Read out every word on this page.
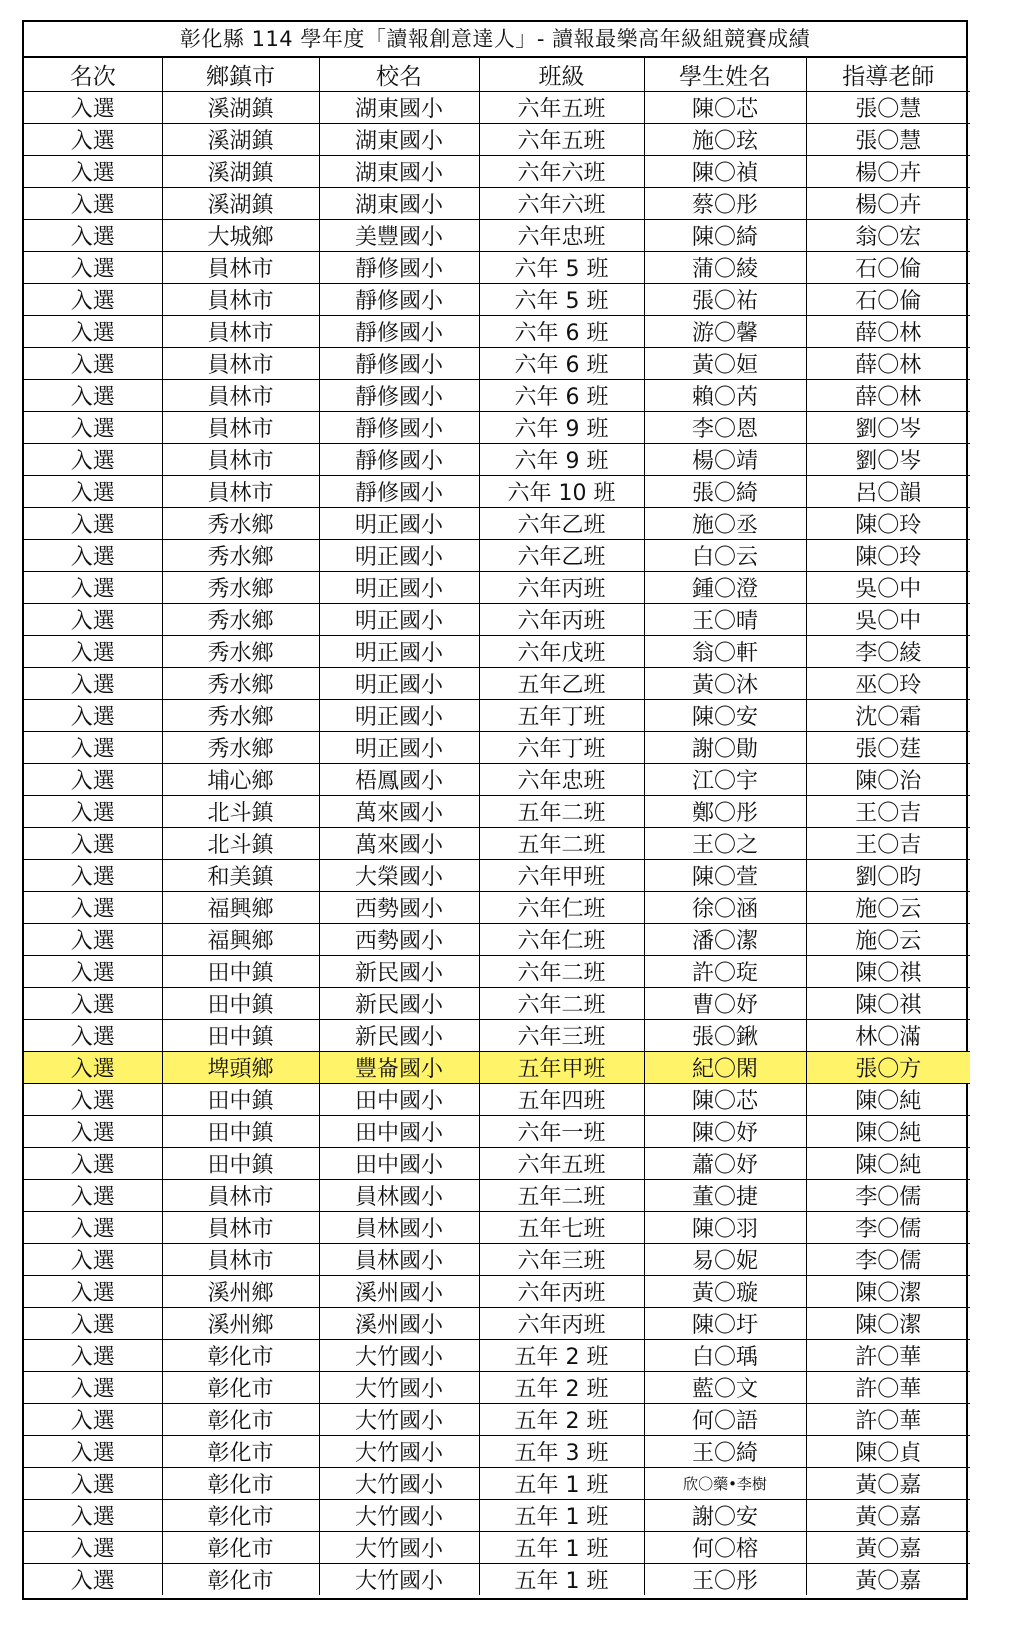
彰化縣 114 學年度「讀報創意達人」- 讀報最樂高年級組競賽成績
名次	鄉鎮市	校名	班級	學生姓名	指導老師
入選	溪湖鎮	湖東國小	六年五班	陳〇芯	張〇慧
入選	溪湖鎮	湖東國小	六年五班	施〇玹	張〇慧
入選	溪湖鎮	湖東國小	六年六班	陳〇禎	楊〇卉
入選	溪湖鎮	湖東國小	六年六班	蔡〇彤	楊〇卉
入選	大城鄉	美豐國小	六年忠班	陳〇綺	翁〇宏
入選	員林市	靜修國小	六年 5 班	蒲〇綾	石〇倫
入選	員林市	靜修國小	六年 5 班	張〇祐	石〇倫
入選	員林市	靜修國小	六年 6 班	游〇馨	薛〇林
入選	員林市	靜修國小	六年 6 班	黃〇姮	薛〇林
入選	員林市	靜修國小	六年 6 班	賴〇芮	薛〇林
入選	員林市	靜修國小	六年 9 班	李〇恩	劉〇岑
入選	員林市	靜修國小	六年 9 班	楊〇靖	劉〇岑
入選	員林市	靜修國小	六年 10 班	張〇綺	呂〇韻
入選	秀水鄉	明正國小	六年乙班	施〇丞	陳〇玲
入選	秀水鄉	明正國小	六年乙班	白〇云	陳〇玲
入選	秀水鄉	明正國小	六年丙班	鍾〇澄	吳〇中
入選	秀水鄉	明正國小	六年丙班	王〇晴	吳〇中
入選	秀水鄉	明正國小	六年戊班	翁〇軒	李〇綾
入選	秀水鄉	明正國小	五年乙班	黃〇沐	巫〇玲
入選	秀水鄉	明正國小	五年丁班	陳〇安	沈〇霜
入選	秀水鄉	明正國小	六年丁班	謝〇勛	張〇莛
入選	埔心鄉	梧鳳國小	六年忠班	江〇宇	陳〇治
入選	北斗鎮	萬來國小	五年二班	鄭〇彤	王〇吉
入選	北斗鎮	萬來國小	五年二班	王〇之	王〇吉
入選	和美鎮	大榮國小	六年甲班	陳〇萱	劉〇昀
入選	福興鄉	西勢國小	六年仁班	徐〇涵	施〇云
入選	福興鄉	西勢國小	六年仁班	潘〇潔	施〇云
入選	田中鎮	新民國小	六年二班	許〇琁	陳〇祺
入選	田中鎮	新民國小	六年二班	曹〇妤	陳〇祺
入選	田中鎮	新民國小	六年三班	張〇鍬	林〇滿
入選	埤頭鄉	豐崙國小	五年甲班	紀〇閑	張〇方
入選	田中鎮	田中國小	五年四班	陳〇芯	陳〇純
入選	田中鎮	田中國小	六年一班	陳〇妤	陳〇純
入選	田中鎮	田中國小	六年五班	蕭〇妤	陳〇純
入選	員林市	員林國小	五年二班	董〇捷	李〇儒
入選	員林市	員林國小	五年七班	陳〇羽	李〇儒
入選	員林市	員林國小	六年三班	易〇妮	李〇儒
入選	溪州鄉	溪州國小	六年丙班	黃〇璇	陳〇潔
入選	溪州鄉	溪州國小	六年丙班	陳〇圩	陳〇潔
入選	彰化市	大竹國小	五年 2 班	白〇瑀	許〇華
入選	彰化市	大竹國小	五年 2 班	藍〇文	許〇華
入選	彰化市	大竹國小	五年 2 班	何〇語	許〇華
入選	彰化市	大竹國小	五年 3 班	王〇綺	陳〇貞
入選	彰化市	大竹國小	五年 1 班	欣〇藥•李樹	黃〇嘉
入選	彰化市	大竹國小	五年 1 班	謝〇安	黃〇嘉
入選	彰化市	大竹國小	五年 1 班	何〇榕	黃〇嘉
入選	彰化市	大竹國小	五年 1 班	王〇彤	黃〇嘉
